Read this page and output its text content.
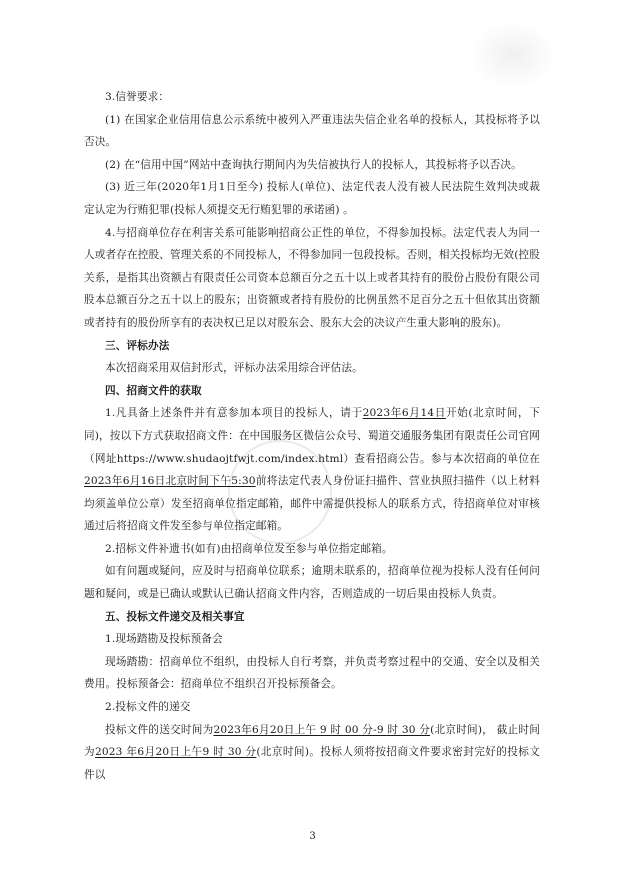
3.信誉要求：

(1) 在国家企业信用信息公示系统中被列入严重违法失信企业名单的投标人，其投标将予以否决。

(2) 在“信用中国”网站中查询执行期间内为失信被执行人的投标人，其投标将予以否决。

(3) 近三年(2020年1月1日至今) 投标人(单位)、法定代表人没有被人民法院生效判决或裁定认定为行贿犯罪(投标人须提交无行贿犯罪的承诺函) 。

4.与招商单位存在利害关系可能影响招商公正性的单位，不得参加投标。法定代表人为同一人或者存在控股、管理关系的不同投标人，不得参加同一包段投标。否则，相关投标均无效(控股关系，是指其出资额占有限责任公司资本总额百分之五十以上或者其持有的股份占股份有限公司股本总额百分之五十以上的股东；出资额或者持有股份的比例虽然不足百分之五十但依其出资额或者持有的股份所享有的表决权已足以对股东会、股东大会的决议产生重大影响的股东)。

三、评标办法

本次招商采用双信封形式，评标办法采用综合评估法。

四、招商文件的获取

1.凡具备上述条件并有意参加本项目的投标人，请于2023年6月14日开始(北京时间，下同)，按以下方式获取招商文件：在中国服务区微信公众号、蜀道交通服务集团有限责任公司官网（网址https://www.shudaojtfwjt.com/index.html）查看招商公告。参与本次招商的单位在2023年6月16日北京时间下午5:30前将法定代表人身份证扫描件、营业执照扫描件（以上材料均须盖单位公章）发至招商单位指定邮箱，邮件中需提供投标人的联系方式，待招商单位对审核通过后将招商文件发至参与单位指定邮箱。

2.招标文件补遗书(如有)由招商单位发至参与单位指定邮箱。

如有问题或疑问，应及时与招商单位联系；逾期未联系的，招商单位视为投标人没有任何问题和疑问，或是已确认或默认已确认招商文件内容，否则造成的一切后果由投标人负责。

五、投标文件递交及相关事宜

1.现场踏勘及投标预备会

现场踏勘：招商单位不组织，由投标人自行考察，并负责考察过程中的交通、安全以及相关费用。投标预备会：招商单位不组织召开投标预备会。

2.投标文件的递交

投标文件的送交时间为2023年6月20日上午 9 时 00 分-9 时 30 分(北京时间)， 截止时间为2023 年6月20日上午9 时 30 分(北京时间)。投标人须将按招商文件要求密封完好的投标文件以

3
